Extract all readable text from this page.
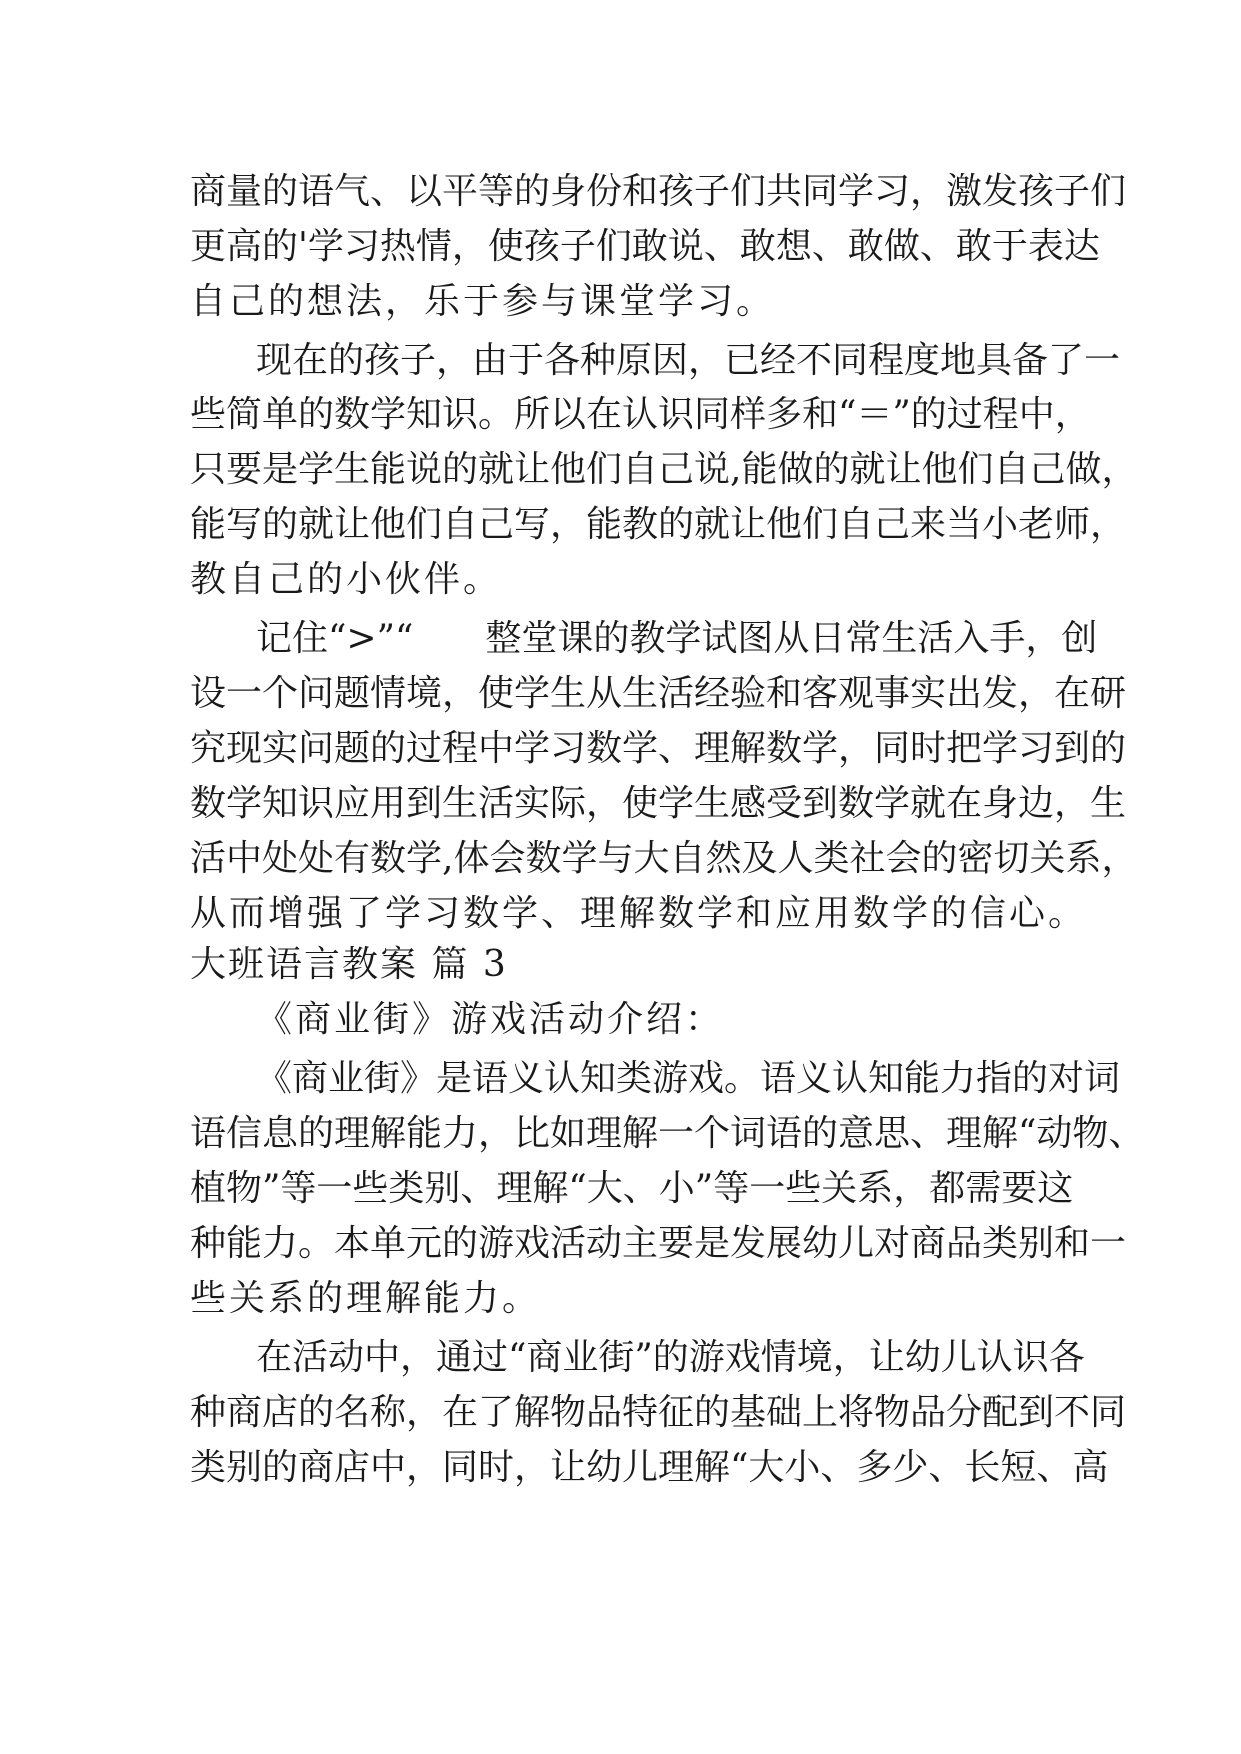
商量的语气、以平等的身份和孩子们共同学习，激发孩子们
更高的'学习热情，使孩子们敢说、敢想、敢做、敢于表达
自己的想法，乐于参与课堂学习。
现在的孩子，由于各种原因，已经不同程度地具备了一
些简单的数学知识。所以在认识同样多和“＝”的过程中，
只要是学生能说的就让他们自己说,能做的就让他们自己做，
能写的就让他们自己写，能教的就让他们自己来当小老师，
教自己的小伙伴。
记住“>”“　　整堂课的教学试图从日常生活入手，创
设一个问题情境，使学生从生活经验和客观事实出发，在研
究现实问题的过程中学习数学、理解数学，同时把学习到的
数学知识应用到生活实际，使学生感受到数学就在身边，生
活中处处有数学,体会数学与大自然及人类社会的密切关系，
从而增强了学习数学、理解数学和应用数学的信心。
大班语言教案 篇 3
《商业街》游戏活动介绍：
《商业街》是语义认知类游戏。语义认知能力指的对词
语信息的理解能力，比如理解一个词语的意思、理解“动物、
植物”等一些类别、理解“大、小”等一些关系，都需要这
种能力。本单元的游戏活动主要是发展幼儿对商品类别和一
些关系的理解能力。
在活动中，通过“商业街”的游戏情境，让幼儿认识各
种商店的名称，在了解物品特征的基础上将物品分配到不同
类别的商店中，同时，让幼儿理解“大小、多少、长短、高
